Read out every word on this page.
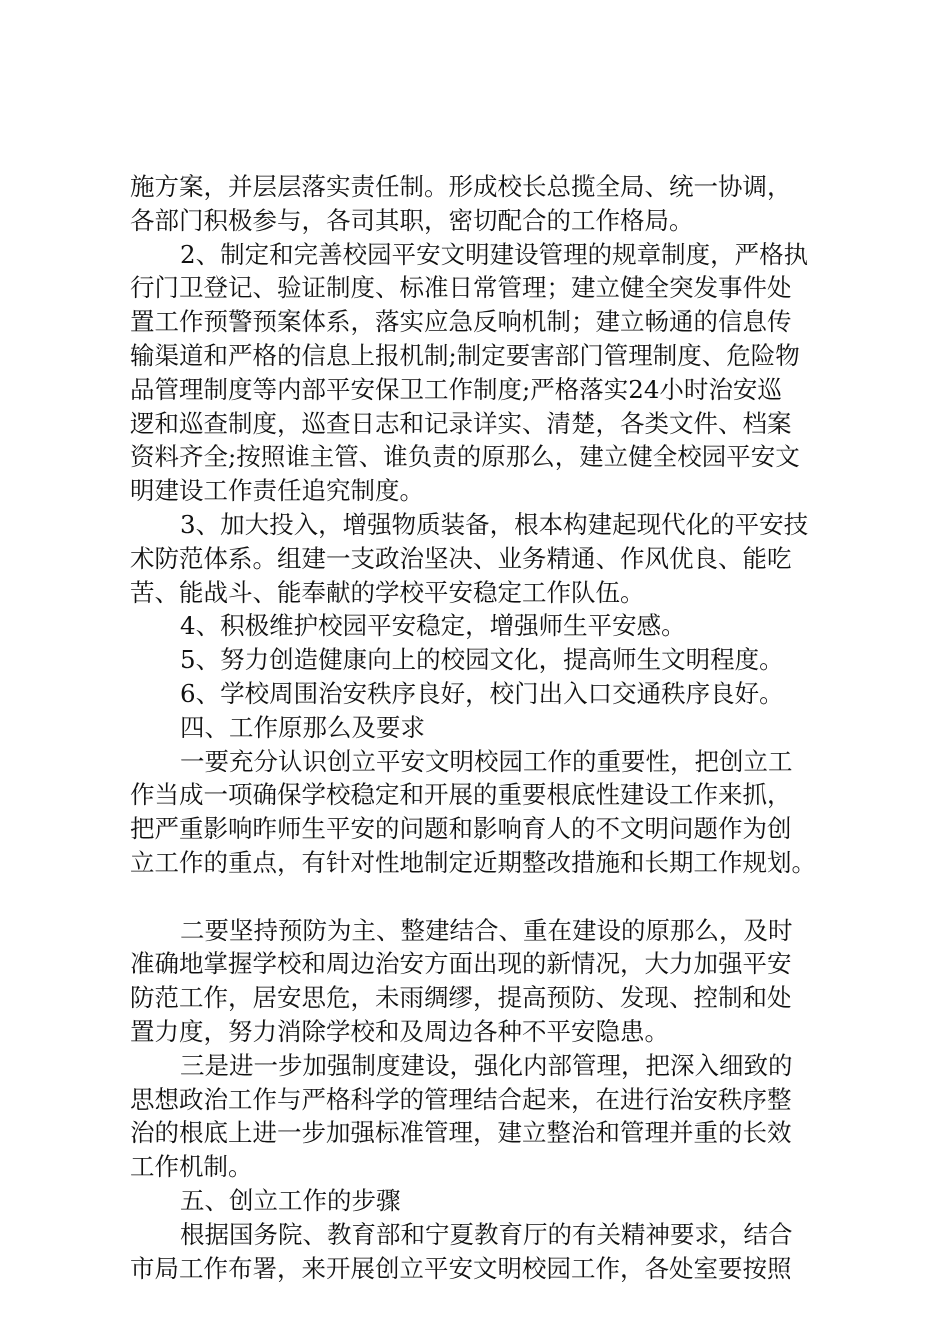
施方案，并层层落实责任制。形成校长总揽全局、统一协调，
各部门积极参与，各司其职，密切配合的工作格局。
2、制定和完善校园平安文明建设管理的规章制度，严格执
行门卫登记、验证制度、标准日常管理；建立健全突发事件处
置工作预警预案体系，落实应急反响机制；建立畅通的信息传
输渠道和严格的信息上报机制;制定要害部门管理制度、危险物
品管理制度等内部平安保卫工作制度;严格落实24小时治安巡
逻和巡查制度，巡查日志和记录详实、清楚，各类文件、档案
资料齐全;按照谁主管、谁负责的原那么，建立健全校园平安文
明建设工作责任追究制度。
3、加大投入，增强物质装备，根本构建起现代化的平安技
术防范体系。组建一支政治坚决、业务精通、作风优良、能吃
苦、能战斗、能奉献的学校平安稳定工作队伍。
4、积极维护校园平安稳定，增强师生平安感。
5、努力创造健康向上的校园文化，提高师生文明程度。
6、学校周围治安秩序良好，校门出入口交通秩序良好。
四、工作原那么及要求
一要充分认识创立平安文明校园工作的重要性，把创立工
作当成一项确保学校稳定和开展的重要根底性建设工作来抓，
把严重影响昨师生平安的问题和影响育人的不文明问题作为创
立工作的重点，有针对性地制定近期整改措施和长期工作规划。
二要坚持预防为主、整建结合、重在建设的原那么，及时
准确地掌握学校和周边治安方面出现的新情况，大力加强平安
防范工作，居安思危，未雨绸缪，提高预防、发现、控制和处
置力度，努力消除学校和及周边各种不平安隐患。
三是进一步加强制度建设，强化内部管理，把深入细致的
思想政治工作与严格科学的管理结合起来，在进行治安秩序整
治的根底上进一步加强标准管理，建立整治和管理并重的长效
工作机制。
五、创立工作的步骤
根据国务院、教育部和宁夏教育厅的有关精神要求，结合
市局工作布署，来开展创立平安文明校园工作，各处室要按照
